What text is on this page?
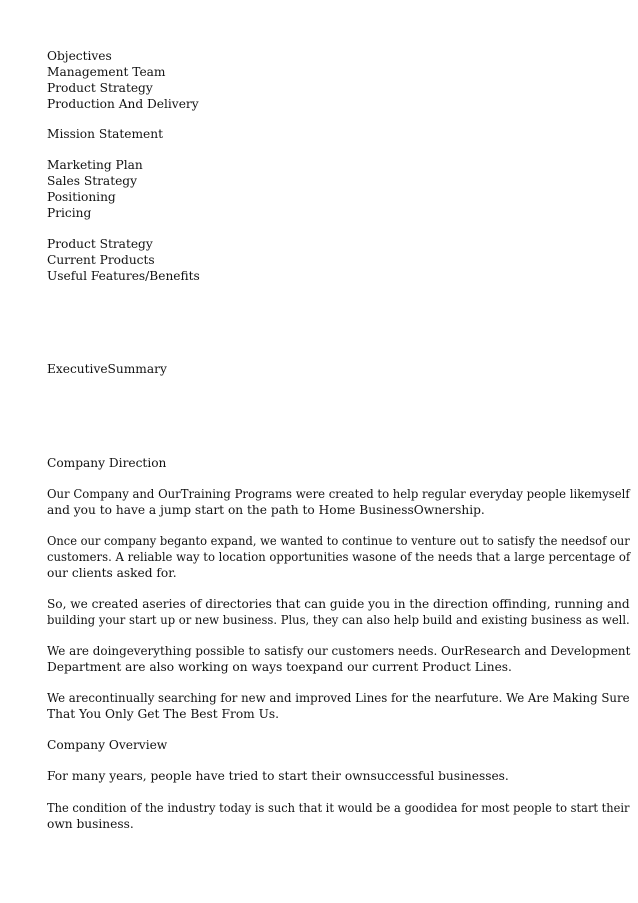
Objectives
Management Team
Product Strategy
Production And Delivery
Mission Statement
Marketing Plan
Sales Strategy
Positioning
Pricing
Product Strategy
Current Products
Useful Features/Benefits
ExecutiveSummary
Company Direction
Our Company and OurTraining Programs were created to help regular everyday people likemyself
and you to have a jump start on the path to Home BusinessOwnership.
Once our company beganto expand, we wanted to continue to venture out to satisfy the needsof our
customers. A reliable way to location opportunities wasone of the needs that a large percentage of
our clients asked for.
So, we created aseries of directories that can guide you in the direction offinding, running and
building your start up or new business. Plus, they can also help build and existing business as well.
We are doingeverything possible to satisfy our customers needs. OurResearch and Development
Department are also working on ways toexpand our current Product Lines.
We arecontinually searching for new and improved Lines for the nearfuture. We Are Making Sure
That You Only Get The Best From Us.
Company Overview
For many years, people have tried to start their ownsuccessful businesses.
The condition of the industry today is such that it would be a goodidea for most people to start their
own business.
